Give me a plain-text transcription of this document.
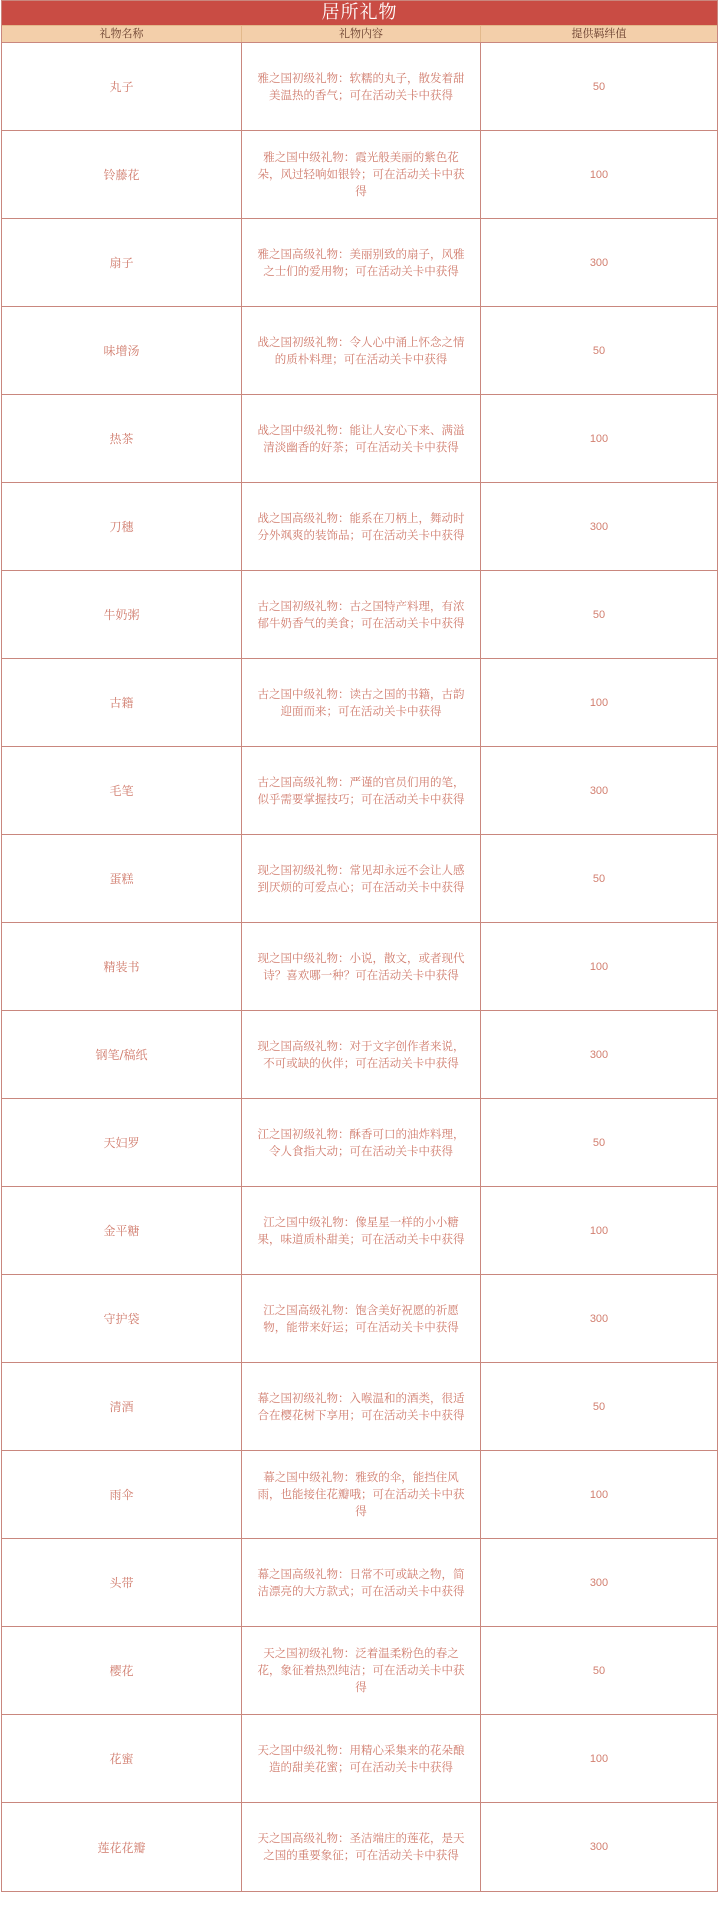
居所礼物
礼物名称	礼物内容	提供羁绊值
丸子
雅之国初级礼物：软糯的丸子，散发着甜美温热的香气；可在活动关卡中获得
50
铃藤花
雅之国中级礼物：霞光般美丽的紫色花朵，风过轻响如银铃；可在活动关卡中获得
100
扇子
雅之国高级礼物：美丽别致的扇子，风雅之士们的爱用物；可在活动关卡中获得
300
味增汤
战之国初级礼物：令人心中涌上怀念之情的质朴料理；可在活动关卡中获得
50
热茶
战之国中级礼物：能让人安心下来、满溢清淡幽香的好茶；可在活动关卡中获得
100
刀穗
战之国高级礼物：能系在刀柄上，舞动时分外飒爽的装饰品；可在活动关卡中获得
300
牛奶粥
古之国初级礼物：古之国特产料理，有浓郁牛奶香气的美食；可在活动关卡中获得
50
古籍
古之国中级礼物：读古之国的书籍，古韵迎面而来；可在活动关卡中获得
100
毛笔
古之国高级礼物：严谨的官员们用的笔，似乎需要掌握技巧；可在活动关卡中获得
300
蛋糕
现之国初级礼物：常见却永远不会让人感到厌烦的可爱点心；可在活动关卡中获得
50
精装书
现之国中级礼物：小说，散文，或者现代诗？喜欢哪一种？可在活动关卡中获得
100
钢笔/稿纸
现之国高级礼物：对于文字创作者来说，不可或缺的伙伴；可在活动关卡中获得
300
天妇罗
江之国初级礼物：酥香可口的油炸料理，令人食指大动；可在活动关卡中获得
50
金平糖
江之国中级礼物：像星星一样的小小糖果，味道质朴甜美；可在活动关卡中获得
100
守护袋
江之国高级礼物：饱含美好祝愿的祈愿物，能带来好运；可在活动关卡中获得
300
清酒
幕之国初级礼物：入喉温和的酒类，很适合在樱花树下享用；可在活动关卡中获得
50
雨伞
幕之国中级礼物：雅致的伞，能挡住风雨，也能接住花瓣哦；可在活动关卡中获得
100
头带
幕之国高级礼物：日常不可或缺之物，简洁漂亮的大方款式；可在活动关卡中获得
300
樱花
天之国初级礼物：泛着温柔粉色的春之花，象征着热烈纯洁；可在活动关卡中获得
50
花蜜
天之国中级礼物：用精心采集来的花朵酿造的甜美花蜜；可在活动关卡中获得
100
莲花花瓣
天之国高级礼物：圣洁端庄的莲花，是天之国的重要象征；可在活动关卡中获得
300
